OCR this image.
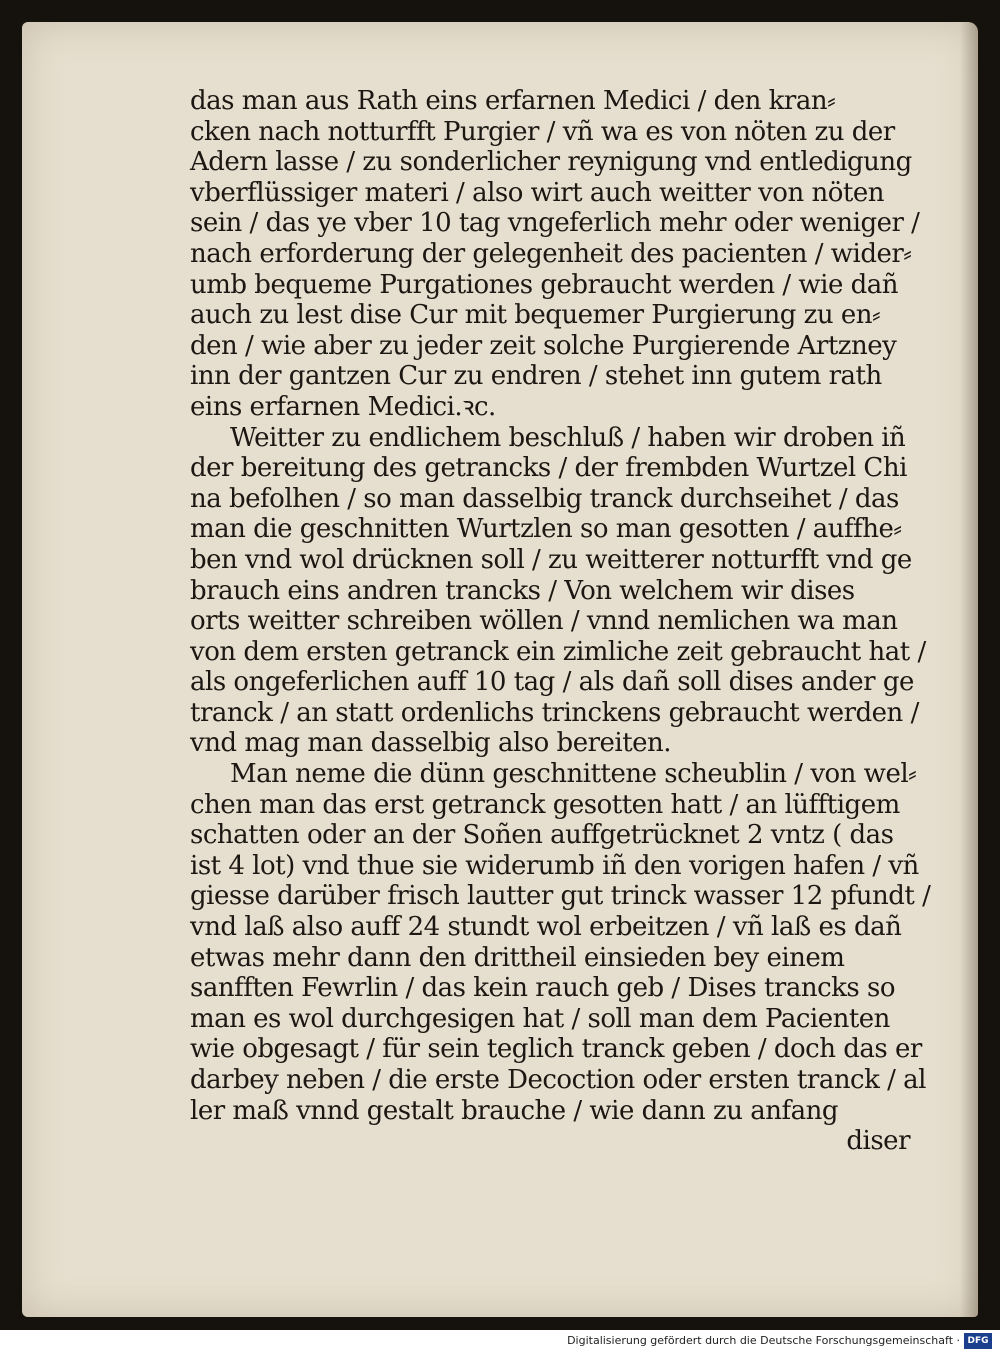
das man aus Rath eins erfarnen Medici / den kran⸗
cken nach notturfft Purgier / vñ wa es von nöten zu der
Adern lasse / zu sonderlicher reynigung vnd entledigung
vberflüssiger materi / also wirt auch weitter von nöten
sein / das ye vber 10 tag vngeferlich mehr oder weniger /
nach erforderung der gelegenheit des pacienten / wider⸗
umb bequeme Purgationes gebraucht werden / wie dañ
auch zu lest dise Cur mit bequemer Purgierung zu en⸗
den / wie aber zu jeder zeit solche Purgierende Artzney
inn der gantzen Cur zu endren / stehet inn gutem rath
eins erfarnen Medici.ꝛc.
Weitter zu endlichem beschluß / haben wir droben iñ
der bereitung des getrancks / der frembden Wurtzel Chi
na befolhen / so man dasselbig tranck durchseihet / das
man die geschnitten Wurtzlen so man gesotten / auffhe⸗
ben vnd wol drücknen soll / zu weitterer notturfft vnd ge
brauch eins andren trancks / Von welchem wir dises
orts weitter schreiben wöllen / vnnd nemlichen wa man
von dem ersten getranck ein zimliche zeit gebraucht hat /
als ongeferlichen auff 10 tag / als dañ soll dises ander ge
tranck / an statt ordenlichs trinckens gebraucht werden /
vnd mag man dasselbig also bereiten.
Man neme die dünn geschnittene scheublin / von wel⸗
chen man das erst getranck gesotten hatt / an lüfftigem
schatten oder an der Soñen auffgetrücknet 2 vntz ( das
ist 4 lot) vnd thue sie widerumb iñ den vorigen hafen / vñ
giesse darüber frisch lautter gut trinck wasser 12 pfundt /
vnd laß also auff 24 stundt wol erbeitzen / vñ laß es dañ
etwas mehr dann den drittheil einsieden bey einem
sanfften Fewrlin / das kein rauch geb / Dises trancks so
man es wol durchgesigen hat / soll man dem Pacienten
wie obgesagt / für sein teglich tranck geben / doch das er
darbey neben / die erste Decoction oder ersten tranck / al
ler maß vnnd gestalt brauche / wie dann zu anfang
diser
Digitalisierung gefördert durch die Deutsche Forschungsgemeinschaft · DFG
